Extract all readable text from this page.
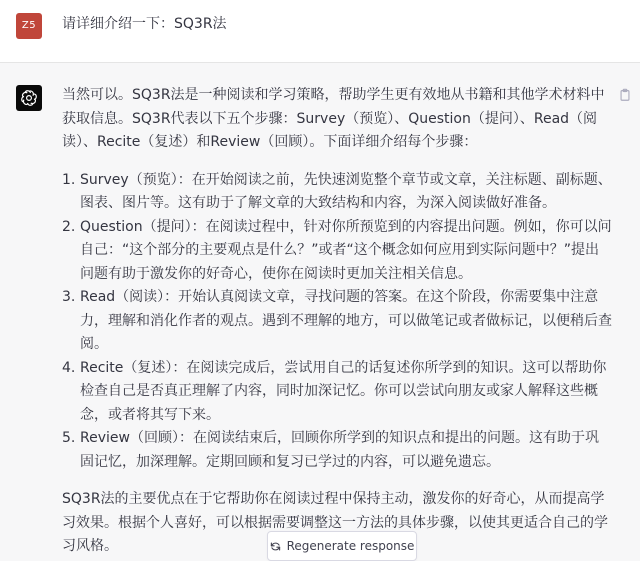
Z5	请详细介绍一下：SQ3R法

当然可以。SQ3R法是一种阅读和学习策略，帮助学生更有效地从书籍和其他学术材料中获取信息。SQ3R代表以下五个步骤：Survey（预览）、Question（提问）、Read（阅读）、Recite（复述）和Review（回顾）。下面详细介绍每个步骤：

1. Survey（预览）：在开始阅读之前，先快速浏览整个章节或文章，关注标题、副标题、图表、图片等。这有助于了解文章的大致结构和内容，为深入阅读做好准备。
2. Question（提问）：在阅读过程中，针对你所预览到的内容提出问题。例如，你可以问自己：“这个部分的主要观点是什么？”或者“这个概念如何应用到实际问题中？”提出问题有助于激发你的好奇心，使你在阅读时更加关注相关信息。
3. Read（阅读）：开始认真阅读文章，寻找问题的答案。在这个阶段，你需要集中注意力，理解和消化作者的观点。遇到不理解的地方，可以做笔记或者做标记，以便稍后查阅。
4. Recite（复述）：在阅读完成后，尝试用自己的话复述你所学到的知识。这可以帮助你检查自己是否真正理解了内容，同时加深记忆。你可以尝试向朋友或家人解释这些概念，或者将其写下来。
5. Review（回顾）：在阅读结束后，回顾你所学到的知识点和提出的问题。这有助于巩固记忆，加深理解。定期回顾和复习已学过的内容，可以避免遗忘。

SQ3R法的主要优点在于它帮助你在阅读过程中保持主动，激发你的好奇心，从而提高学习效果。根据个人喜好，可以根据需要调整这一方法的具体步骤，以使其更适合自己的学习风格。	Regenerate response
